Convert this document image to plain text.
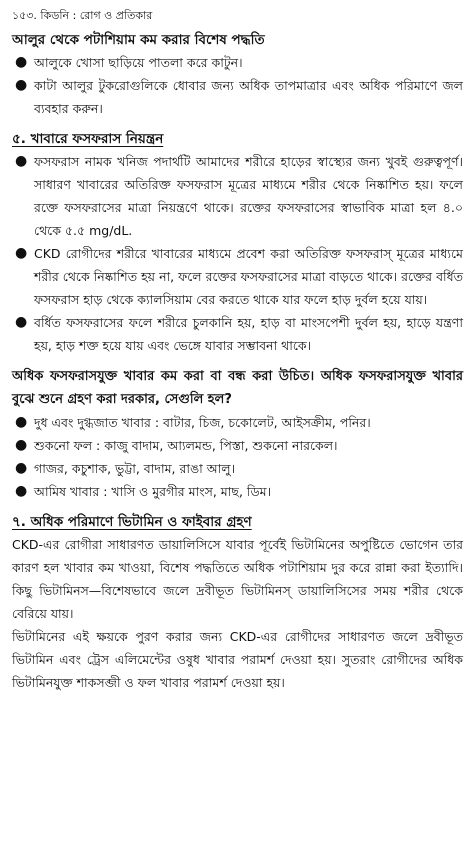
১৫৩. কিডনি : রোগ ও প্রতিকার
আলুর থেকে পটাশিয়াম কম করার বিশেষ পদ্ধতি
● আলুকে খোসা ছাড়িয়ে পাতলা করে কাটুন।
● কাটা আলুর টুকরোগুলিকে ধোবার জন্য অধিক তাপমাত্রার এবং অধিক পরিমাণে জল ব্যবহার করুন।
৫. খাবারে ফসফরাস নিয়ন্ত্রন
● ফসফরাস নামক খনিজ পদার্থটি আমাদের শরীরে হাড়ের স্বাস্থ্যের জন্য খুবই গুরুত্বপূর্ণ। সাধারণ খাবারের অতিরিক্ত ফসফরাস মূত্রের মাধ্যমে শরীর থেকে নিষ্কাশিত হয়। ফলে রক্তে ফসফরাসের মাত্রা নিয়ন্ত্রণে থাকে। রক্তের ফসফরাসের স্বাভাবিক মাত্রা হল ৪.০ থেকে ৫.৫ mg/dL.
● CKD রোগীদের শরীরে খাবারের মাধ্যমে প্রবেশ করা অতিরিক্ত ফসফরাস্ মূত্রের মাধ্যমে শরীর থেকে নিষ্কাশিত হয় না, ফলে রক্তের ফসফরাসের মাত্রা বাড়তে থাকে। রক্তের বর্ধিত ফসফরাস হাড় থেকে ক্যালসিয়াম বের করতে থাকে যার ফলে হাড় দুর্বল হয়ে যায়।
● বর্ধিত ফসফরাসের ফলে শরীরে চুলকানি হয়, হাড় বা মাংসপেশী দুর্বল হয়, হাড়ে যন্ত্রণা হয়, হাড় শক্ত হয়ে যায় এবং ভেঙ্গে যাবার সম্ভাবনা থাকে।

অধিক ফসফরাসযুক্ত খাবার কম করা বা বন্ধ করা উচিত। অধিক ফসফরাসযুক্ত খাবার বুঝে শুনে গ্রহণ করা দরকার, সেগুলি হল?

● দুধ এবং দুগ্ধজাত খাবার : বাটার, চিজ, চকোলেট, আইসক্রীম, পনির।
● শুকনো ফল : কাজু বাদাম, আ্যলমন্ড, পিস্তা, শুকনো নারকেল।
● গাজর, কচুশাক, ভুট্টা, বাদাম, রাঙা আলু।
● আমিষ খাবার : খাসি ও মুরগীর মাংস, মাছ, ডিম।
৭. অধিক পরিমাণে ভিটামিন ও ফাইবার গ্রহণ

CKD-এর রোগীরা সাধারণত ডায়ালিসিসে যাবার পূর্বেই ভিটামিনের অপুষ্টিতে ভোগেন তার কারণ হল খাবার কম খাওয়া, বিশেষ পদ্ধতিতে অধিক পটাশিয়াম দুর করে রান্না করা ইত্যাদি। কিছু ভিটামিনস—বিশেষভাবে জলে দ্রবীভূত ভিটামিনস্ ডায়ালিসিসের সময় শরীর থেকে বেরিয়ে যায়।

ভিটামিনের এই ক্ষয়কে পুরণ করার জন্য CKD-এর রোগীদের সাধারণত জলে দ্রবীভূত ভিটামিন এবং ট্রেস এলিমেন্টের ওষুধ খাবার পরামর্শ দেওয়া হয়। সুতরাং রোগীদের অধিক ভিটামিনযুক্ত শাকসব্জী ও ফল খাবার পরামর্শ দেওয়া হয়।
